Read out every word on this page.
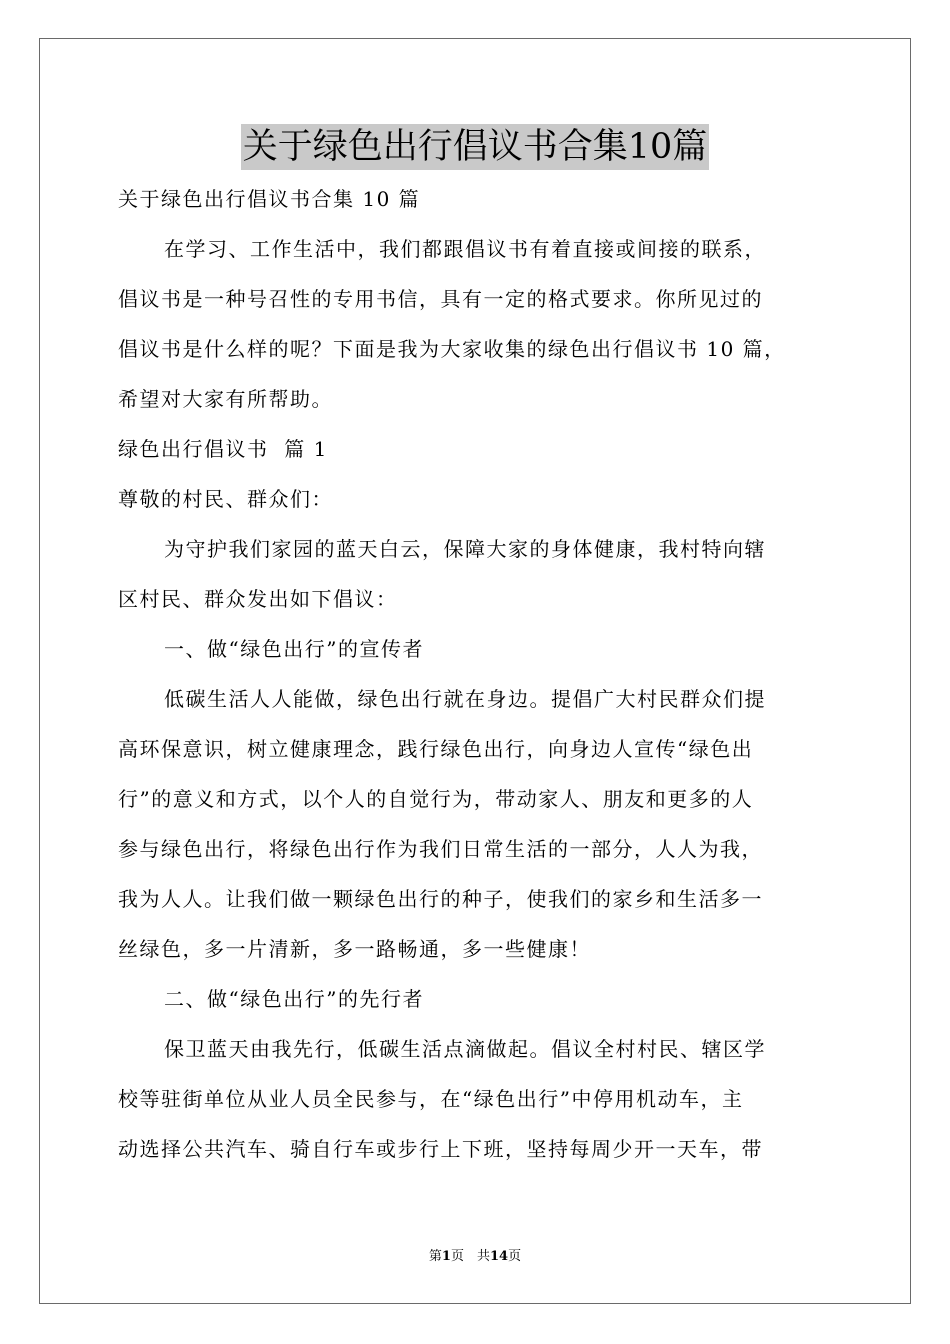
关于绿色出行倡议书合集10篇
关于绿色出行倡议书合集 10 篇
在学习、工作生活中，我们都跟倡议书有着直接或间接的联系，
倡议书是一种号召性的专用书信，具有一定的格式要求。你所见过的
倡议书是什么样的呢？下面是我为大家收集的绿色出行倡议书 10 篇，
希望对大家有所帮助。
绿色出行倡议书  篇 1
尊敬的村民、群众们：
为守护我们家园的蓝天白云，保障大家的身体健康，我村特向辖
区村民、群众发出如下倡议：
一、做“绿色出行”的宣传者
低碳生活人人能做，绿色出行就在身边。提倡广大村民群众们提
高环保意识，树立健康理念，践行绿色出行，向身边人宣传“绿色出
行”的意义和方式，以个人的自觉行为，带动家人、朋友和更多的人
参与绿色出行，将绿色出行作为我们日常生活的一部分，人人为我，
我为人人。让我们做一颗绿色出行的种子，使我们的家乡和生活多一
丝绿色，多一片清新，多一路畅通，多一些健康！
二、做“绿色出行”的先行者
保卫蓝天由我先行，低碳生活点滴做起。倡议全村村民、辖区学
校等驻街单位从业人员全民参与，在“绿色出行”中停用机动车，主
动选择公共汽车、骑自行车或步行上下班，坚持每周少开一天车，带
第1页　共14页
